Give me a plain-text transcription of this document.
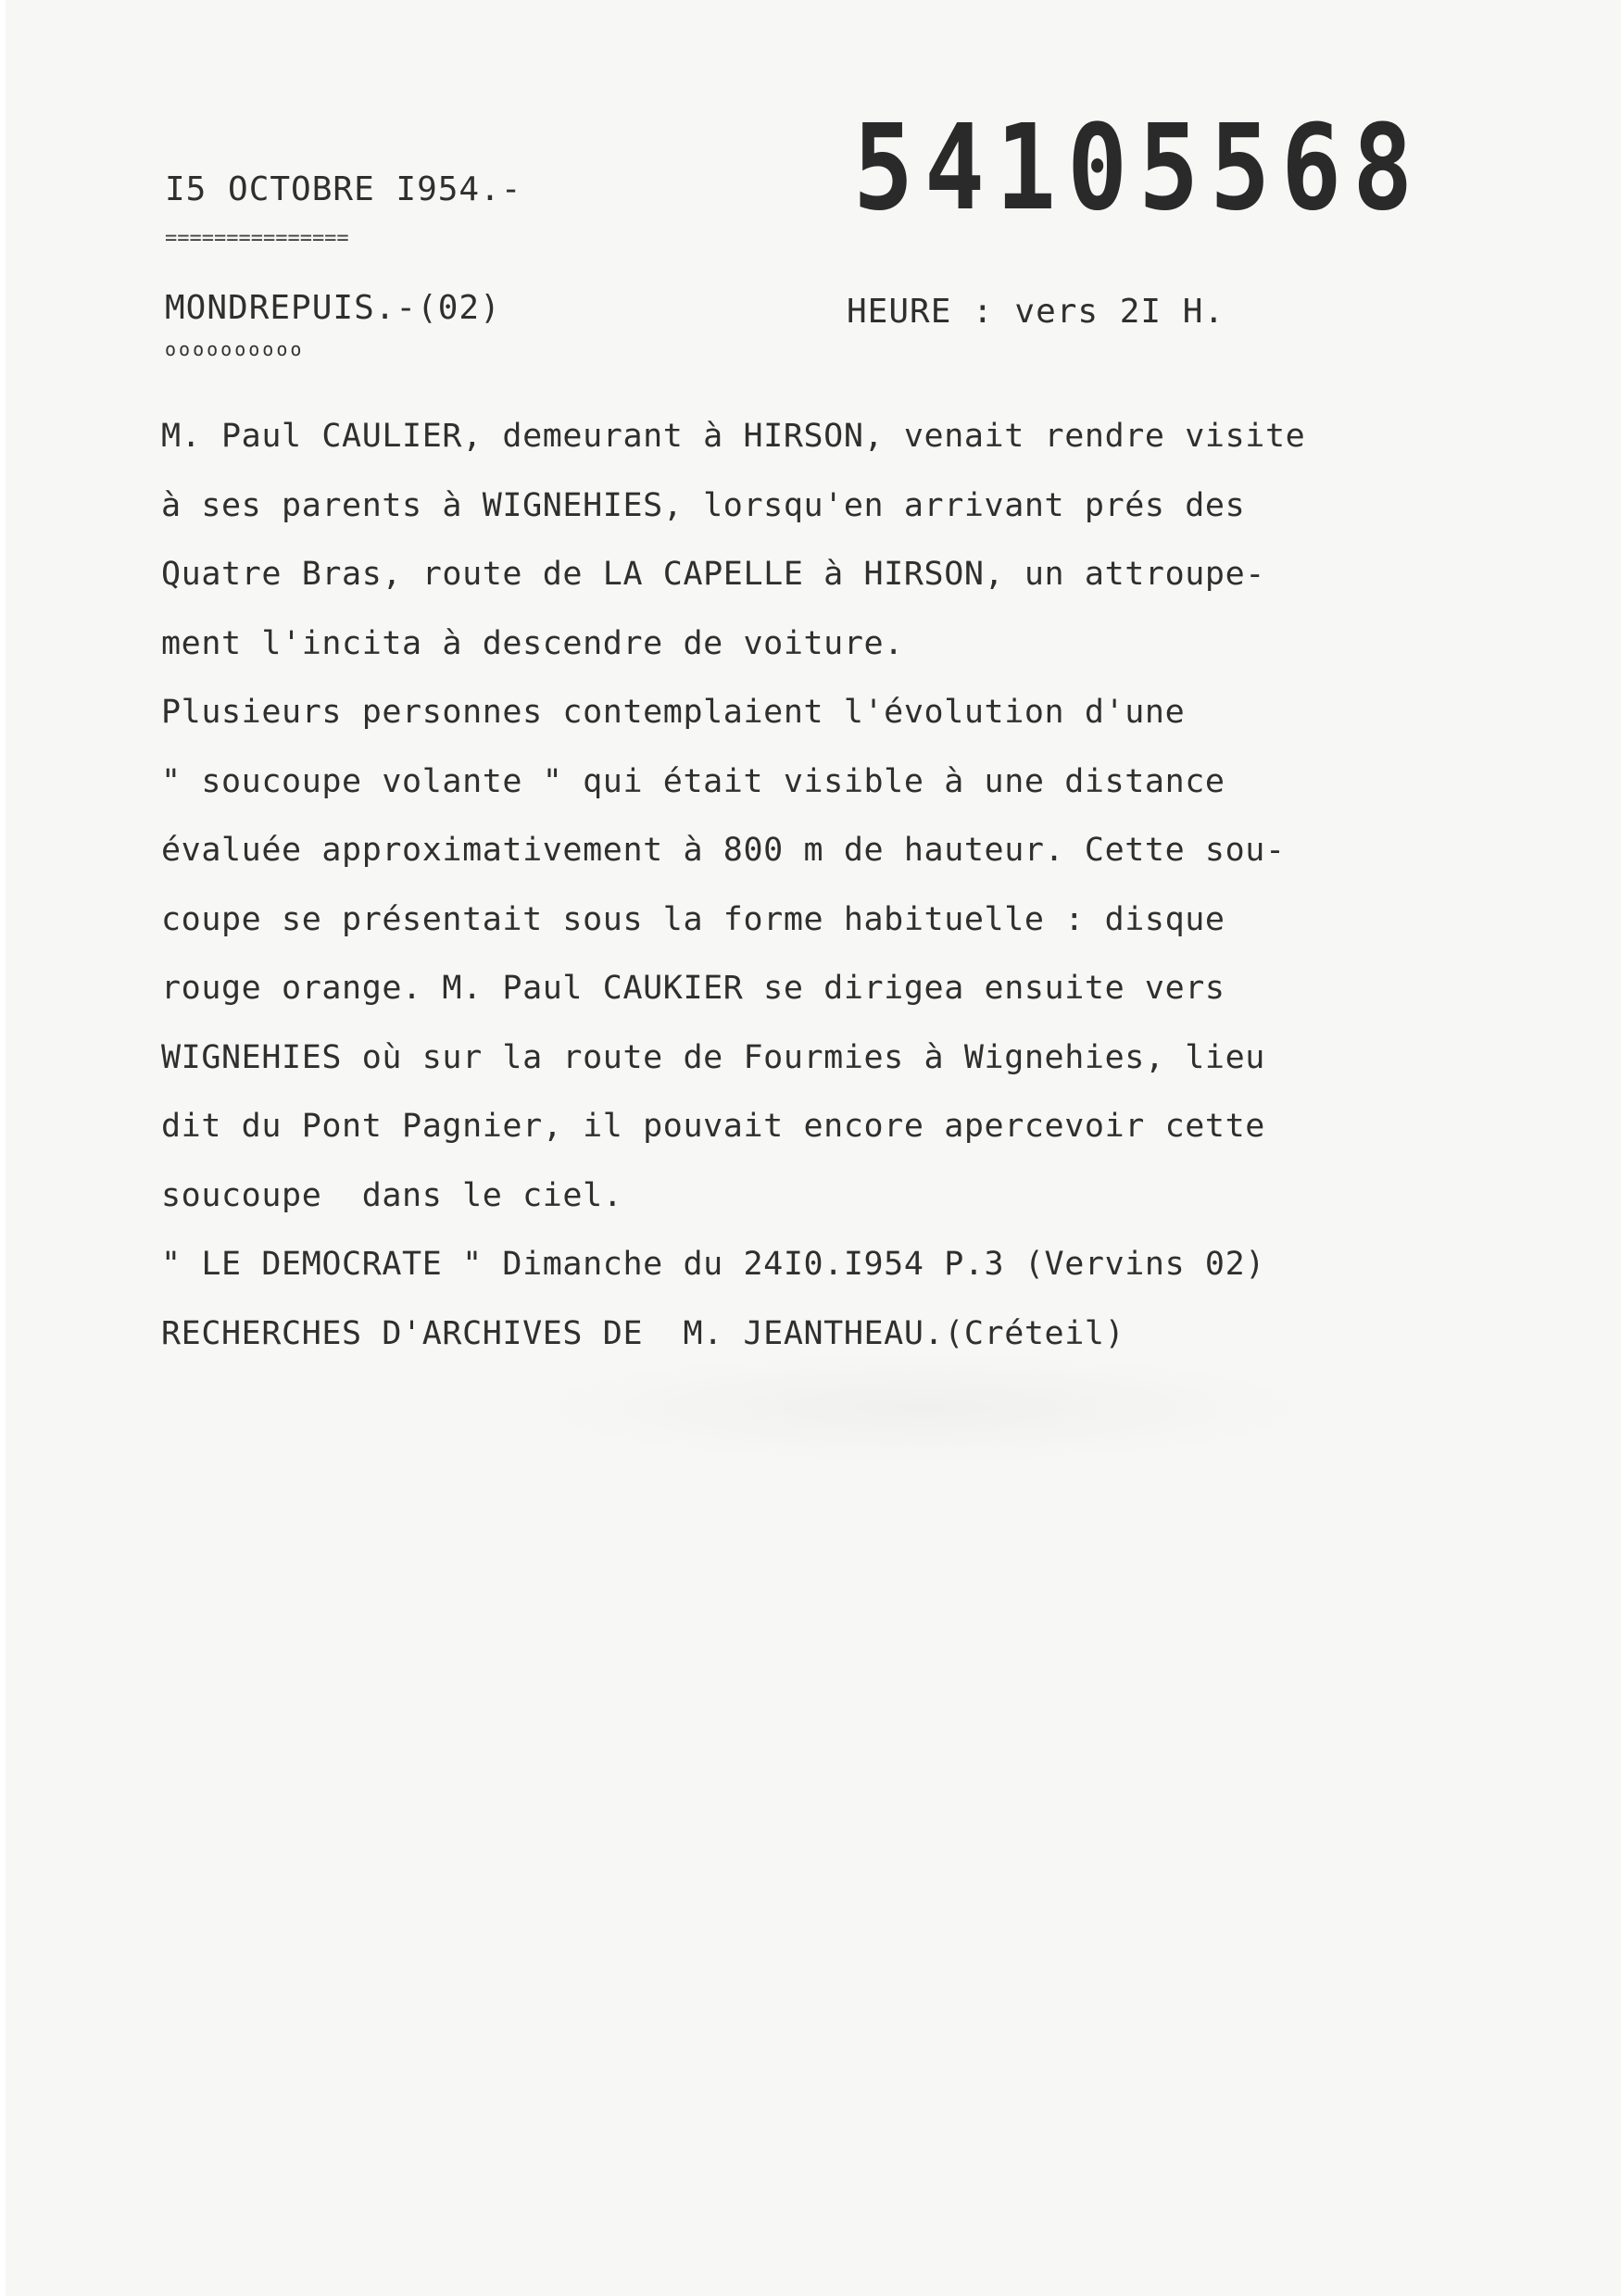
54105568
I5 OCTOBRE I954.-
===============
MONDREPUIS.-(02)
oooooooooo
HEURE : vers 2I H.
M. Paul CAULIER, demeurant à HIRSON, venait rendre visite
à ses parents à WIGNEHIES, lorsqu'en arrivant prés des
Quatre Bras, route de LA CAPELLE à HIRSON, un attroupe-
ment l'incita à descendre de voiture.
Plusieurs personnes contemplaient l'évolution d'une
" soucoupe volante " qui était visible à une distance
évaluée approximativement à 800 m de hauteur. Cette sou-
coupe se présentait sous la forme habituelle : disque
rouge orange. M. Paul CAUKIER se dirigea ensuite vers
WIGNEHIES où sur la route de Fourmies à Wignehies, lieu
dit du Pont Pagnier, il pouvait encore apercevoir cette
soucoupe  dans le ciel.
" LE DEMOCRATE " Dimanche du 24I0.I954 P.3 (Vervins 02)
RECHERCHES D'ARCHIVES DE  M. JEANTHEAU.(Créteil)
